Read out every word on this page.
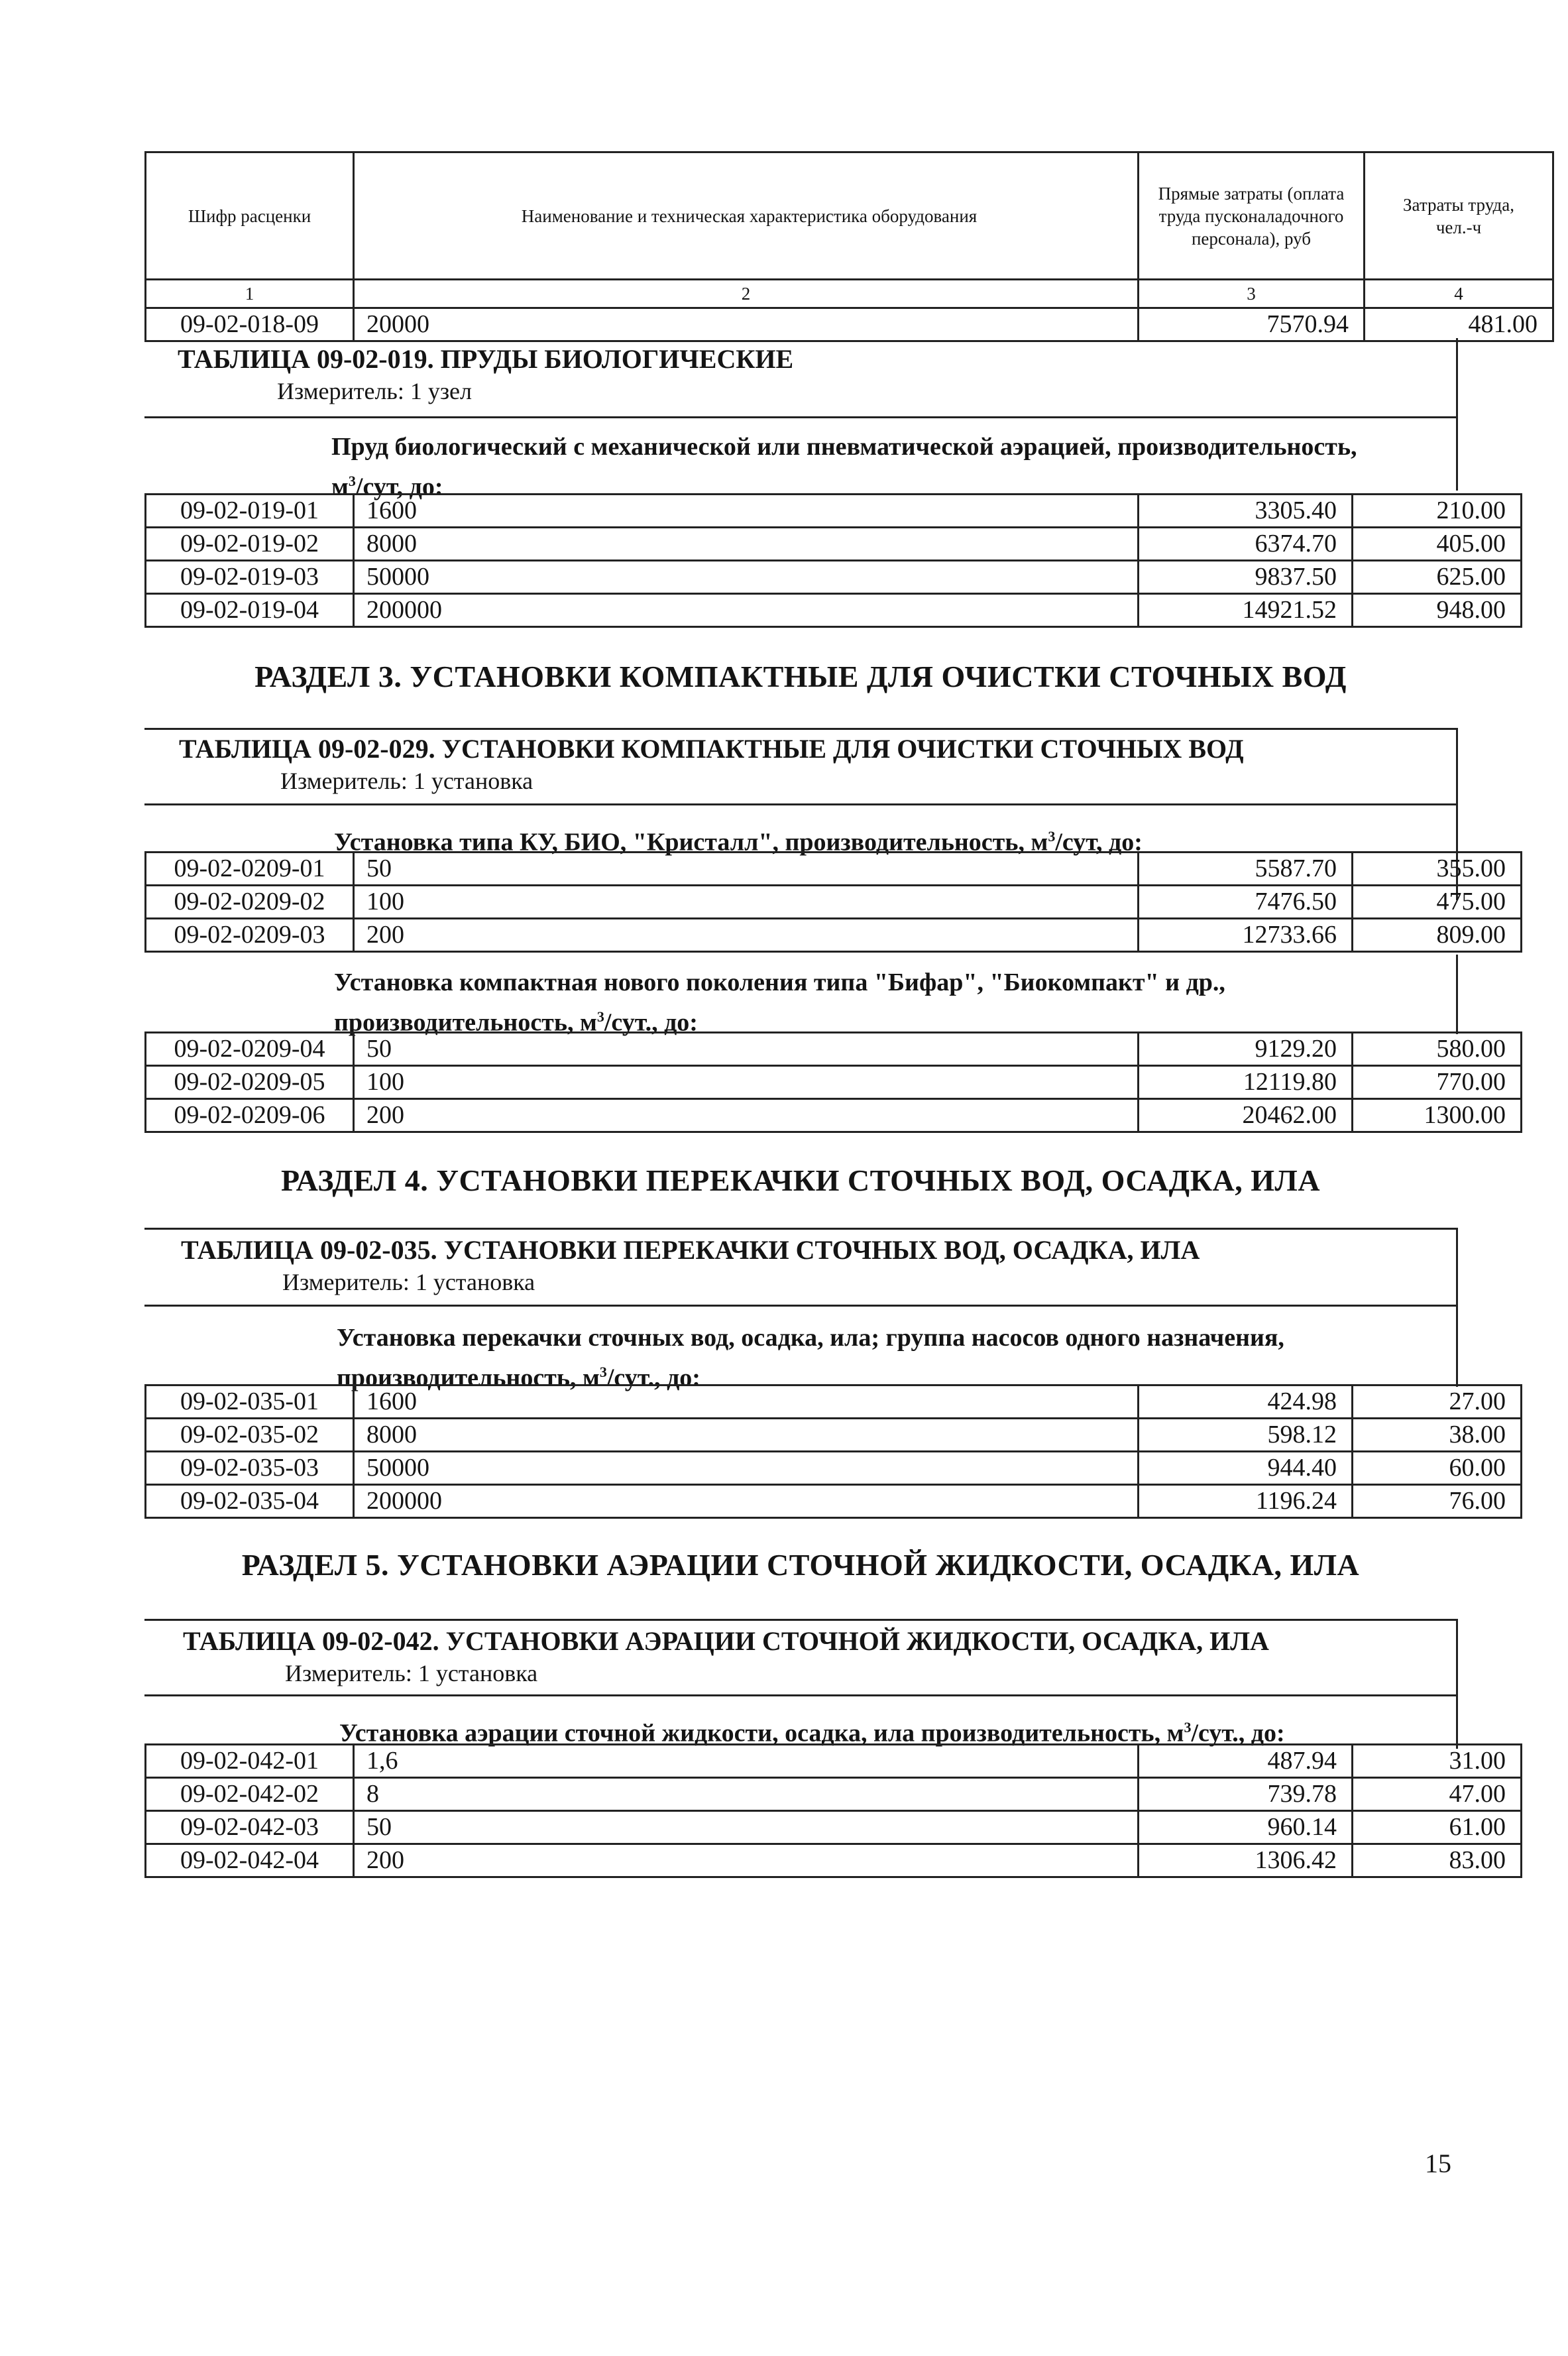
Шифр расценки	Наименование и техническая характеристика оборудования	Прямые затраты (оплата труда пусконаладочного персонала), руб	Затраты труда, чел.-ч
1	2	3	4
09-02-018-09	20000	7570.94	481.00
ТАБЛИЦА 09-02-019. ПРУДЫ БИОЛОГИЧЕСКИЕ
Измеритель: 1 узел
Пруд биологический с механической или пневматической аэрацией, производительность,
$м^3$/сут, до:
09-02-019-01	1600	3305.40	210.00
09-02-019-02	8000	6374.70	405.00
09-02-019-03	50000	9837.50	625.00
09-02-019-04	200000	14921.52	948.00
РАЗДЕЛ 3. УСТАНОВКИ КОМПАКТНЫЕ ДЛЯ ОЧИСТКИ СТОЧНЫХ ВОД
ТАБЛИЦА 09-02-029. УСТАНОВКИ КОМПАКТНЫЕ ДЛЯ ОЧИСТКИ СТОЧНЫХ ВОД
Измеритель: 1 установка
Установка типа КУ, БИО, "Кристалл", производительность, $м^3$/сут, до:
09-02-0209-01	50	5587.70	355.00
09-02-0209-02	100	7476.50	475.00
09-02-0209-03	200	12733.66	809.00
Установка компактная нового поколения типа "Бифар", "Биокомпакт" и др.,
производительность, $м^3$/сут., до:
09-02-0209-04	50	9129.20	580.00
09-02-0209-05	100	12119.80	770.00
09-02-0209-06	200	20462.00	1300.00
РАЗДЕЛ 4. УСТАНОВКИ ПЕРЕКАЧКИ СТОЧНЫХ ВОД, ОСАДКА, ИЛА
ТАБЛИЦА 09-02-035. УСТАНОВКИ ПЕРЕКАЧКИ СТОЧНЫХ ВОД, ОСАДКА, ИЛА
Измеритель: 1 установка
Установка перекачки сточных вод, осадка, ила; группа насосов одного назначения,
производительность, $м^3$/сут., до:
09-02-035-01	1600	424.98	27.00
09-02-035-02	8000	598.12	38.00
09-02-035-03	50000	944.40	60.00
09-02-035-04	200000	1196.24	76.00
РАЗДЕЛ 5. УСТАНОВКИ АЭРАЦИИ СТОЧНОЙ ЖИДКОСТИ, ОСАДКА, ИЛА
ТАБЛИЦА 09-02-042. УСТАНОВКИ АЭРАЦИИ СТОЧНОЙ ЖИДКОСТИ, ОСАДКА, ИЛА
Измеритель: 1 установка
Установка аэрации сточной жидкости, осадка, ила производительность, $м^3$/сут., до:
09-02-042-01	1,6	487.94	31.00
09-02-042-02	8	739.78	47.00
09-02-042-03	50	960.14	61.00
09-02-042-04	200	1306.42	83.00
15
